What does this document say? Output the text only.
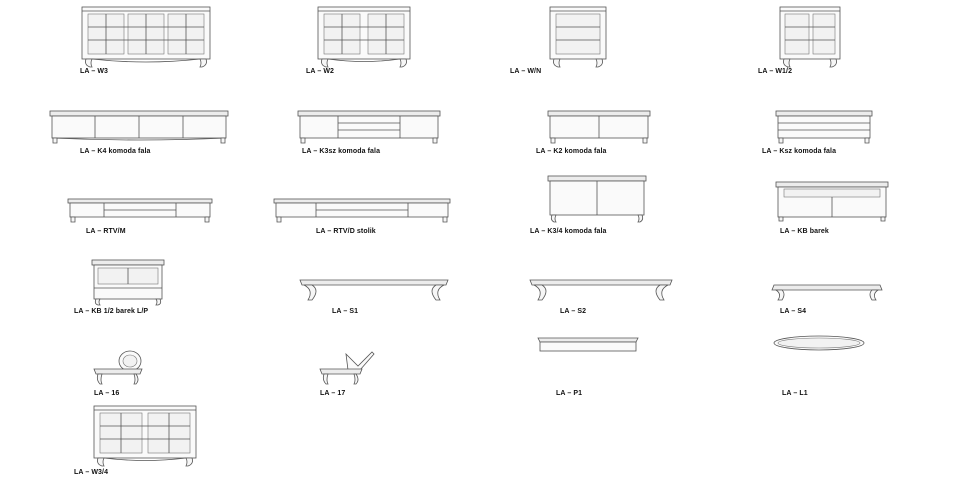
LA – W3	LA – W2	LA – W/N	LA – W1/2
LA – K4 komoda fala	LA – K3sz komoda fala	LA – K2 komoda fala	LA – Ksz komoda fala
LA – RTV/M	LA – RTV/D stolik	LA – K3/4 komoda fala	LA – KB barek
LA – KB 1/2 barek L/P	LA – S1	LA – S2	LA – S4
LA – 16	LA – 17	LA – P1	LA – L1
LA – W3/4
